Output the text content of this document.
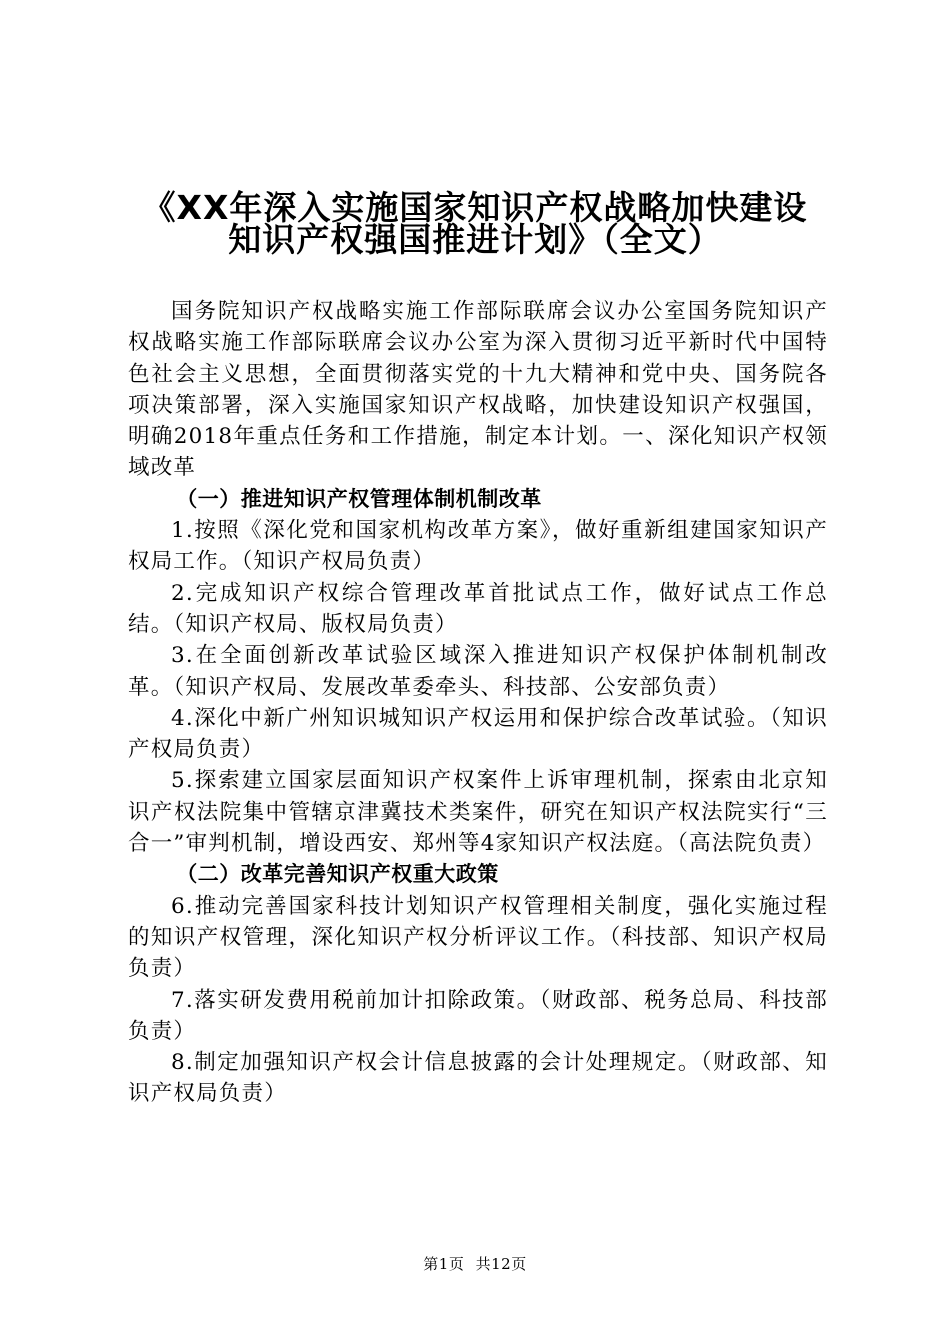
《XX年深入实施国家知识产权战略加快建设
知识产权强国推进计划》（全文）

国务院知识产权战略实施工作部际联席会议办公室国务院知识产权战略实施工作部际联席会议办公室为深入贯彻习近平新时代中国特色社会主义思想，全面贯彻落实党的十九大精神和党中央、国务院各项决策部署，深入实施国家知识产权战略，加快建设知识产权强国，明确2018年重点任务和工作措施，制定本计划。一、深化知识产权领域改革

（一）推进知识产权管理体制机制改革

1.按照《深化党和国家机构改革方案》，做好重新组建国家知识产权局工作。（知识产权局负责）

2.完成知识产权综合管理改革首批试点工作，做好试点工作总结。（知识产权局、版权局负责）

3.在全面创新改革试验区域深入推进知识产权保护体制机制改革。（知识产权局、发展改革委牵头、科技部、公安部负责）

4.深化中新广州知识城知识产权运用和保护综合改革试验。（知识产权局负责）

5.探索建立国家层面知识产权案件上诉审理机制，探索由北京知识产权法院集中管辖京津冀技术类案件，研究在知识产权法院实行“三合一”审判机制，增设西安、郑州等4家知识产权法庭。（高法院负责）

（二）改革完善知识产权重大政策

6.推动完善国家科技计划知识产权管理相关制度，强化实施过程的知识产权管理，深化知识产权分析评议工作。（科技部、知识产权局负责）

7.落实研发费用税前加计扣除政策。（财政部、税务总局、科技部负责）

8.制定加强知识产权会计信息披露的会计处理规定。（财政部、知识产权局负责）

第1页 共12页
